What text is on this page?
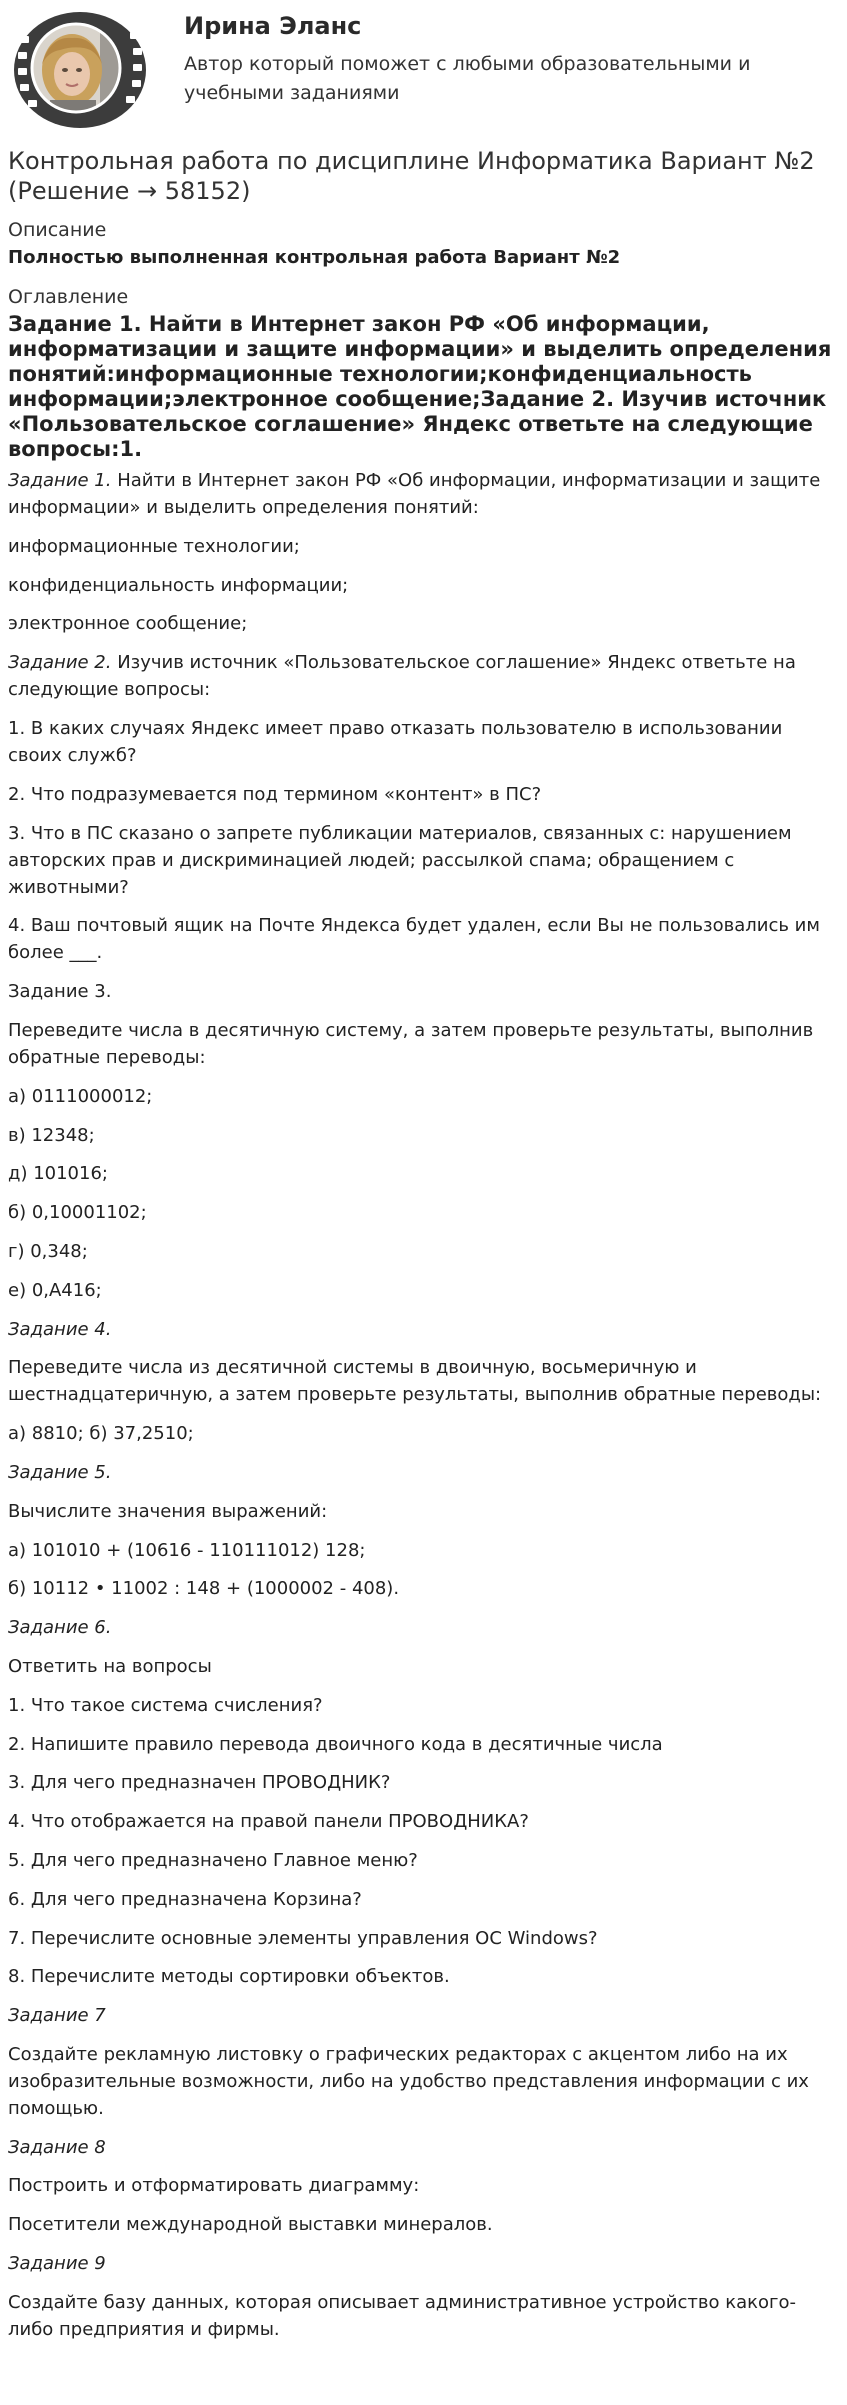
Ирина Эланс
Автор который поможет с любыми образовательными и учебными заданиями
Контрольная работа по дисциплине Информатика Вариант №2 (Решение → 58152)
Описание
Полностью выполненная контрольная работа Вариант №2
Оглавление
Задание 1. Найти в Интернет закон РФ «Об информации, информатизации и защите информации» и выделить определения понятий:информационные технологии;конфиденциальность информации;электронное сообщение;Задание 2. Изучив источник «Пользовательское соглашение» Яндекс ответьте на следующие вопросы:1.

Задание 1. Найти в Интернет закон РФ «Об информации, информатизации и защите информации» и выделить определения понятий:

информационные технологии;

конфиденциальность информации;

электронное сообщение;

Задание 2. Изучив источник «Пользовательское соглашение» Яндекс ответьте на следующие вопросы:

1. В каких случаях Яндекс имеет право отказать пользователю в использовании своих служб?

2. Что подразумевается под термином «контент» в ПС?

3. Что в ПС сказано о запрете публикации материалов, связанных с: нарушением авторских прав и дискриминацией людей; рассылкой спама; обращением с животными?

4. Ваш почтовый ящик на Почте Яндекса будет удален, если Вы не пользовались им более ___.

Задание 3.

Переведите числа в десятичную систему, а затем проверьте результаты, выполнив обратные переводы:

а) 0111000012;

в) 12348;

д) 101016;

б) 0,10001102;

г) 0,348;

е) 0,A416;

Задание 4.

Переведите числа из десятичной системы в двоичную, восьмеричную и шестнадцатеричную, а затем проверьте результаты, выполнив обратные переводы:

а) 8810; б) 37,2510;

Задание 5.

Вычислите значения выражений:

а) 101010 + (10616 - 110111012) 128;

б) 10112 • 11002 : 148 + (1000002 - 408).

Задание 6.

Ответить на вопросы

1. Что такое система счисления?

2. Напишите правило перевода двоичного кода в десятичные числа

3. Для чего предназначен ПРОВОДНИК?

4. Что отображается на правой панели ПРОВОДНИКА?

5. Для чего предназначено Главное меню?

6. Для чего предназначена Корзина?

7. Перечислите основные элементы управления ОС Windows?

8. Перечислите методы сортировки объектов.

Задание 7

Создайте рекламную листовку о графических редакторах с акцентом либо на их изобразительные возможности, либо на удобство представления информации с их помощью.

Задание 8

Построить и отформатировать диаграмму:

Посетители международной выставки минералов.

Задание 9

Создайте базу данных, которая описывает административное устройство какого-либо предприятия и фирмы.
